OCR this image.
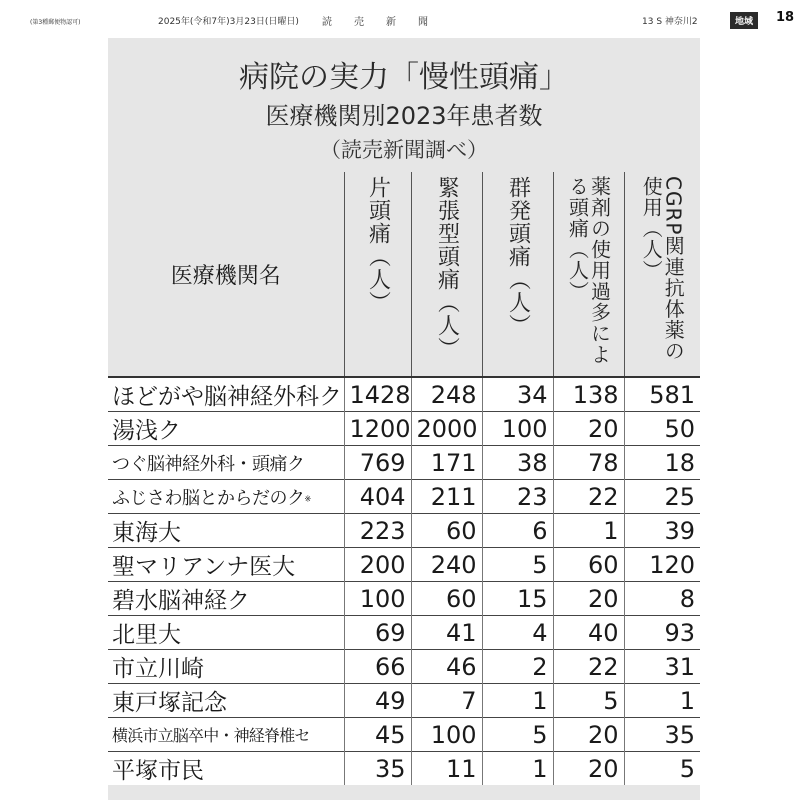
(第3種郵便物認可)	2025年(令和7年)3月23日(日曜日) 読売新聞	13 S 神奈川2	地域	18
病院の実力「慢性頭痛」
医療機関別2023年患者数
（読売新聞調べ）
医療機関名	片頭痛（人）	緊張型頭痛（人）	群発頭痛（人）	薬剤の使用過多による頭痛（人）	CGRP関連抗体薬の使用（人）

ほどがや脳神経外科ク	1428	248	34	138	581
湯浅ク	1200	2000	100	20	50
つぐ脳神経外科・頭痛ク	769	171	38	78	18
ふじさわ脳とからだのク※	404	211	23	22	25
東海大	223	60	6	1	39
聖マリアンナ医大	200	240	5	60	120
碧水脳神経ク	100	60	15	20	8
北里大	69	41	4	40	93
市立川崎	66	46	2	22	31
東戸塚記念	49	7	1	5	1
横浜市立脳卒中・神経脊椎セ	45	100	5	20	35
平塚市民	35	11	1	20	5
